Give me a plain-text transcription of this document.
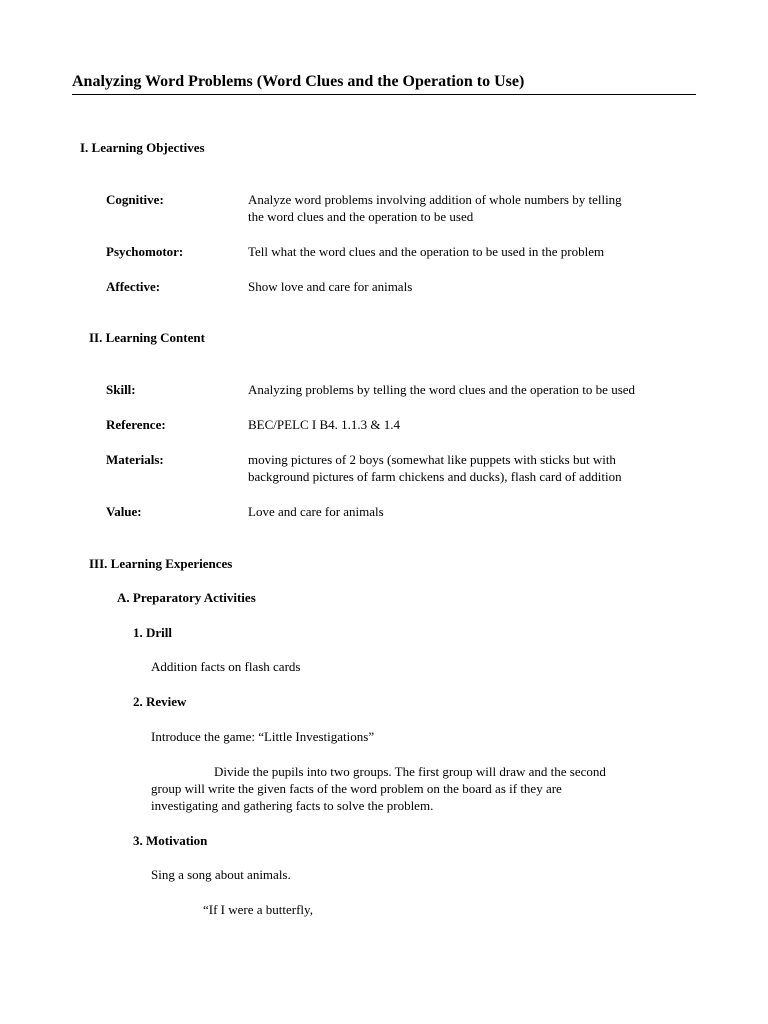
Analyzing Word Problems (Word Clues and the Operation to Use)
I. Learning Objectives
Cognitive:	Analyze word problems involving addition of whole numbers by telling
the word clues and the operation to be used
Psychomotor:	Tell what the word clues and the operation to be used in the problem
Affective:	Show love and care for animals
II. Learning Content
Skill:	Analyzing problems by telling the word clues and the operation to be used
Reference:	BEC/PELC I B4. 1.1.3 & 1.4
Materials:	moving pictures of 2 boys (somewhat like puppets with sticks but with
background pictures of farm chickens and ducks), flash card of addition
Value:	Love and care for animals
III. Learning Experiences
A. Preparatory Activities
1. Drill
Addition facts on flash cards
2. Review
Introduce the game: “Little Investigations”
Divide the pupils into two groups. The first group will draw and the second
group will write the given facts of the word problem on the board as if they are
investigating and gathering facts to solve the problem.
3. Motivation
Sing a song about animals.
“If I were a butterfly,
